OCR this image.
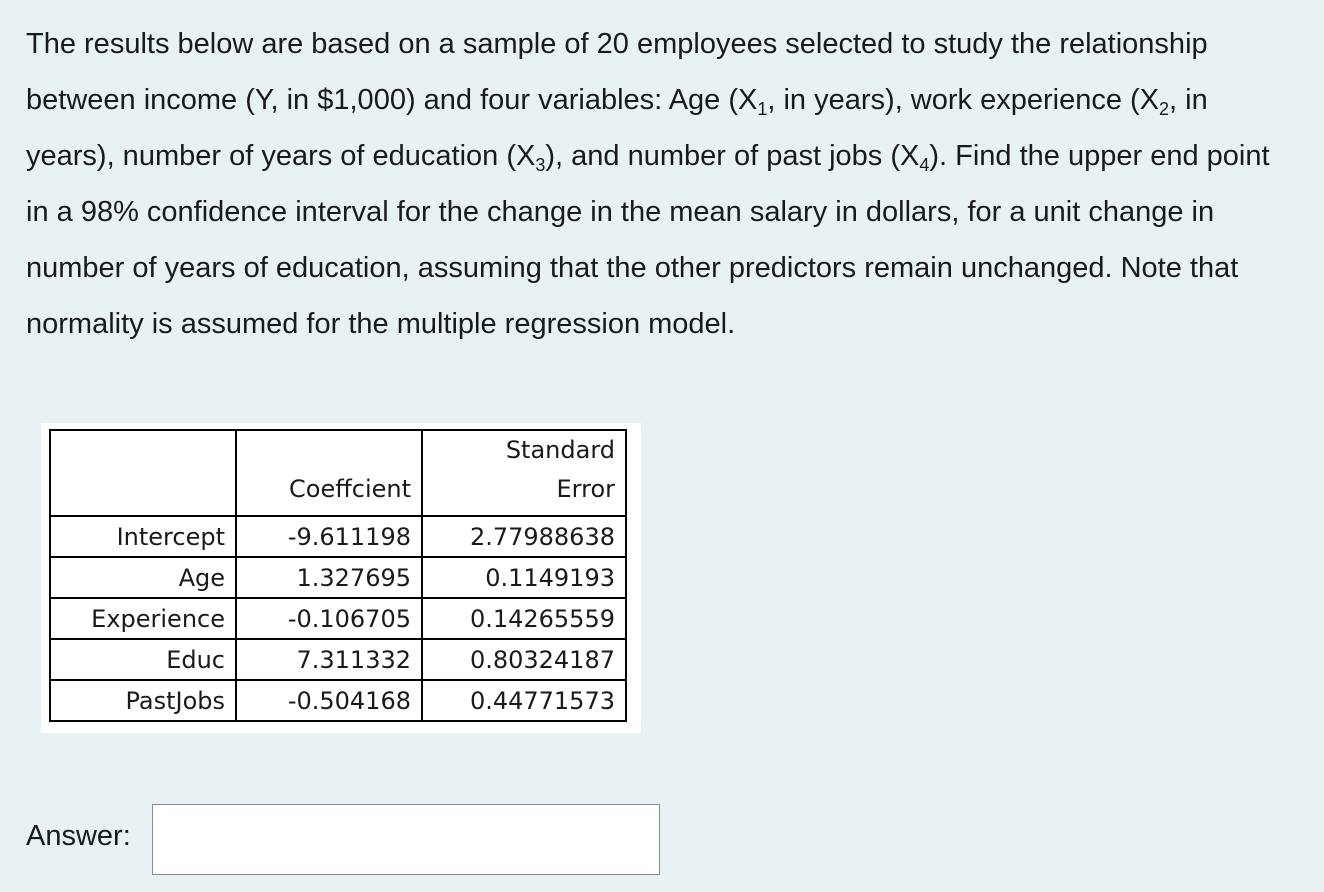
The results below are based on a sample of 20 employees selected to study the relationship between income (Y, in $1,000) and four variables: Age ($X_1$, in years), work experience ($X_2$, in years), number of years of education $(X_3)$, and number of past jobs $(X_4)$. Find the upper end point in a 98% confidence interval for the change in the mean salary in dollars, for a unit change in number of years of education, assuming that the other predictors remain unchanged. Note that normality is assumed for the multiple regression model.

	Coeffcient	Standard
Error
Intercept	-9.611198	2.77988638
Age	1.327695	0.1149193
Experience	-0.106705	0.14265559
Educ	7.311332	0.80324187
PastJobs	-0.504168	0.44771573
Answer:
